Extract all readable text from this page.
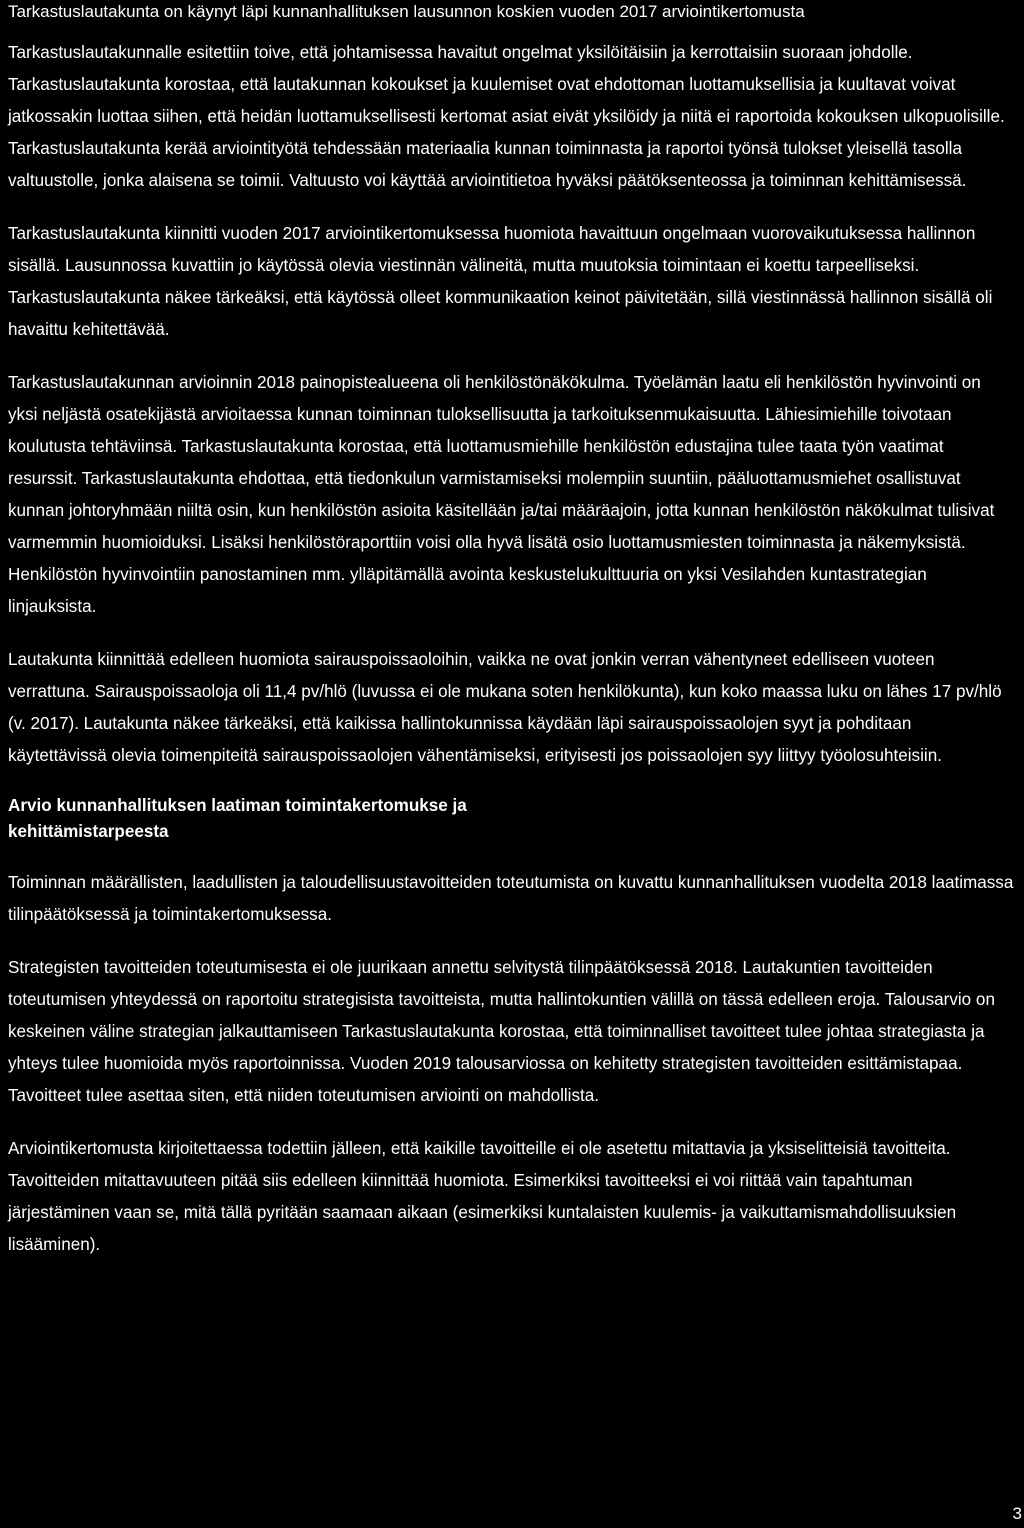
Tarkastuslautakunta on käynyt läpi kunnanhallituksen lausunnon koskien vuoden 2017 arviointikertomusta

Tarkastuslautakunnalle esitettiin toive, että johtamisessa havaitut ongelmat yksilöitäisiin ja kerrottaisiin suoraan johdolle. Tarkastuslautakunta korostaa, että lautakunnan kokoukset ja kuulemiset ovat ehdottoman luottamuksellisia ja kuultavat voivat jatkossakin luottaa siihen, että heidän luottamuksellisesti kertomat asiat eivät yksilöidy ja niitä ei raportoida kokouksen ulkopuolisille. Tarkastuslautakunta kerää arviointityötä tehdessään materiaalia kunnan toiminnasta ja raportoi työnsä tulokset yleisellä tasolla valtuustolle, jonka alaisena se toimii. Valtuusto voi käyttää arviointitietoa hyväksi päätöksenteossa ja toiminnan kehittämisessä.

Tarkastuslautakunta kiinnitti vuoden 2017 arviointikertomuksessa huomiota havaittuun ongelmaan vuorovaikutuksessa hallinnon sisällä. Lausunnossa kuvattiin jo käytössä olevia viestinnän välineitä, mutta muutoksia toimintaan ei koettu tarpeelliseksi. Tarkastuslautakunta näkee tärkeäksi, että käytössä olleet kommunikaation keinot päivitetään, sillä viestinnässä hallinnon sisällä oli havaittu kehitettävää.

Tarkastuslautakunnan arvioinnin 2018 painopistealueena oli henkilöstönäkökulma. Työelämän laatu eli henkilöstön hyvinvointi on yksi neljästä osatekijästä arvioitaessa kunnan toiminnan tuloksellisuutta ja tarkoituksenmukaisuutta. Lähiesimiehille toivotaan koulutusta tehtäviinsä. Tarkastuslautakunta korostaa, että luottamusmiehille henkilöstön edustajina tulee taata työn vaatimat resurssit. Tarkastuslautakunta ehdottaa, että tiedonkulun varmistamiseksi molempiin suuntiin, pääluottamusmiehet osallistuvat kunnan johtoryhmään niiltä osin, kun henkilöstön asioita käsitellään ja/tai määräajoin, jotta kunnan henkilöstön näkökulmat tulisivat varmemmin huomioiduksi. Lisäksi henkilöstöraporttiin voisi olla hyvä lisätä osio luottamusmiesten toiminnasta ja näkemyksistä. Henkilöstön hyvinvointiin panostaminen mm. ylläpitämällä avointa keskustelukulttuuria on yksi Vesilahden kuntastrategian linjauksista.

Lautakunta kiinnittää edelleen huomiota sairauspoissaoloihin, vaikka ne ovat jonkin verran vähentyneet edelliseen vuoteen verrattuna. Sairauspoissaoloja oli 11,4 pv/hlö (luvussa ei ole mukana soten henkilökunta), kun koko maassa luku on lähes 17 pv/hlö (v. 2017). Lautakunta näkee tärkeäksi, että kaikissa hallintokunnissa käydään läpi sairauspoissaolojen syyt ja pohditaan käytettävissä olevia toimenpiteitä sairauspoissaolojen vähentämiseksi, erityisesti jos poissaolojen syy liittyy työolosuhteisiin.

Arvio kunnanhallituksen laatiman toimintakertomukse ja kehittämistarpeesta

Toiminnan määrällisten, laadullisten ja taloudellisuustavoitteiden toteutumista on kuvattu kunnanhallituksen vuodelta 2018 laatimassa tilinpäätöksessä ja toimintakertomuksessa.

Strategisten tavoitteiden toteutumisesta ei ole juurikaan annettu selvitystä tilinpäätöksessä 2018. Lautakuntien tavoitteiden toteutumisen yhteydessä on raportoitu strategisista tavoitteista, mutta hallintokuntien välillä on tässä edelleen eroja. Talousarvio on keskeinen väline strategian jalkauttamiseen Tarkastuslautakunta korostaa, että toiminnalliset tavoitteet tulee johtaa strategiasta ja yhteys tulee huomioida myös raportoinnissa. Vuoden 2019 talousarviossa on kehitetty strategisten tavoitteiden esittämistapaa. Tavoitteet tulee asettaa siten, että niiden toteutumisen arviointi on mahdollista.

Arviointikertomusta kirjoitettaessa todettiin jälleen, että kaikille tavoitteille ei ole asetettu mitattavia ja yksiselitteisiä tavoitteita. Tavoitteiden mitattavuuteen pitää siis edelleen kiinnittää huomiota. Esimerkiksi tavoitteeksi ei voi riittää vain tapahtuman järjestäminen vaan se, mitä tällä pyritään saamaan aikaan (esimerkiksi kuntalaisten kuulemis- ja vaikuttamismahdollisuuksien lisääminen).

3
